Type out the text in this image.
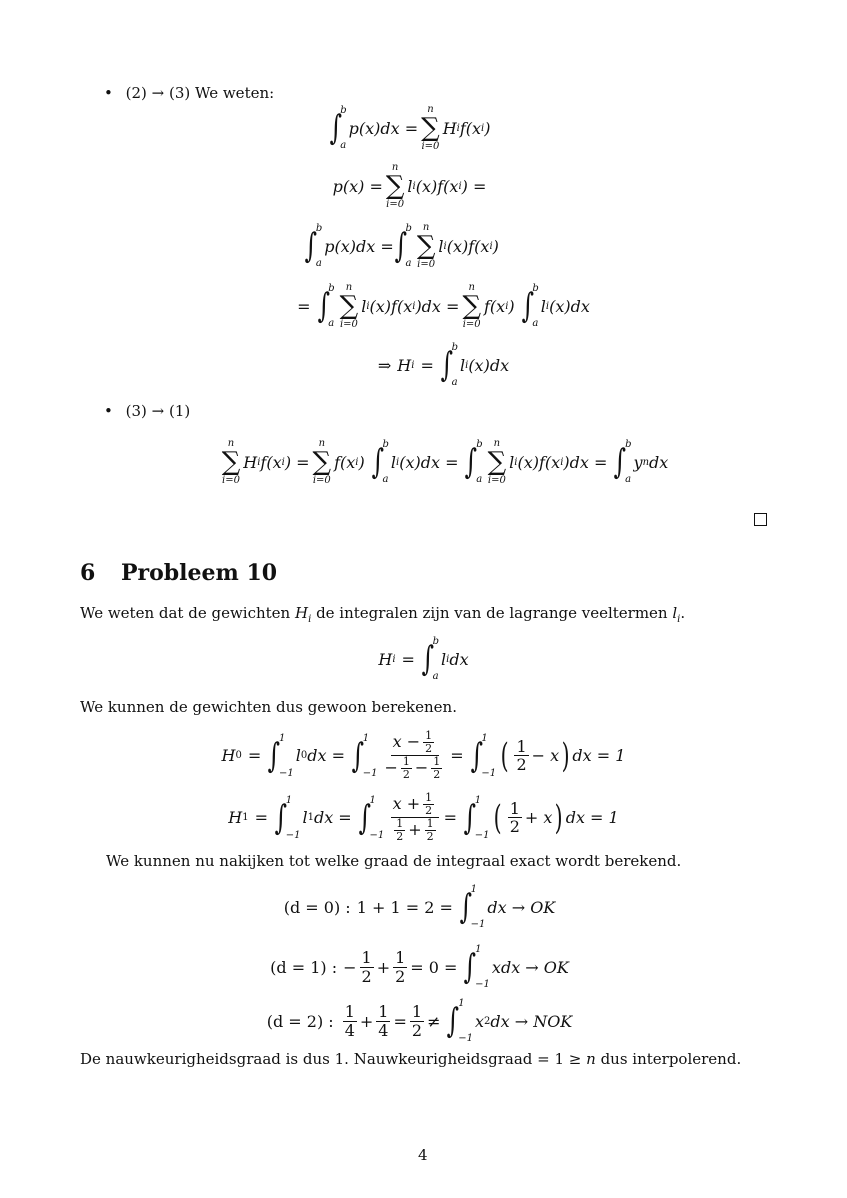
• (2) → (3) We weten:
∫
b
a
p(x)dx =
n
∑
i=0
H i f(x i )
p(x) =
n
∑
i=0
l i (x)f(x i ) =
∫
b
a
p(x)dx = ∫
b
a
n
∑
i=0
l i (x)f(x i )
= ∫
b
a
n
∑
i=0
l i (x)f(x i )dx =
n
∑
i=0
f(x i ) ∫
b
a
l i (x)dx
⇒ H i = ∫
b
a
l i (x)dx
• (3) → (1)
n
∑
i=0
H i f(x i ) =
n
∑
i=0
f(x i ) ∫
b
a
l i (x)dx = ∫
b
a
n
∑
i=0
l i (x)f(x i )dx = ∫
b
a
y n dx
6 Probleem 10
We weten dat de gewichten $H_i$ de integralen zijn van de lagrange veeltermen $l_i$.
H i = ∫
b
a
l i dx
We kunnen de gewichten dus gewoon berekenen.
H 0 = ∫
1
−1
l 0 dx = ∫
1
$-1 \frac{x - \frac{1}{2}}{- \frac{1}{2} - \frac{1}{2}}$ = ∫
1
−1 ( $\frac{1}{2} - x$ ) dx = 1
H 1 = ∫
1
−1
l 1 dx = ∫
1
$-1 \frac{x + \frac{1}{2}}{\frac{1}{2} + \frac{1}{2}}$ = ∫
1
−1 ( $\frac{1}{2} + x$ ) dx = 1
We kunnen nu nakijken tot welke graad de integraal exact wordt berekend.
(d = 0) : 1 + 1 = 2 = ∫
1
−1
dx → OK
(d = 1) : − $\frac{1}{2} + \frac{1}{2} = 0$ = ∫
1
−1
xdx → OK
(d = 2) : $\frac{1}{4} + \frac{1}{4} = \frac{1}{2}$ ≠ ∫
1
−1
x 2 dx → NOK
De nauwkeurigheidsgraad is dus 1. Nauwkeurigheidsgraad = 1 ≥ n dus interpolerend.
4
